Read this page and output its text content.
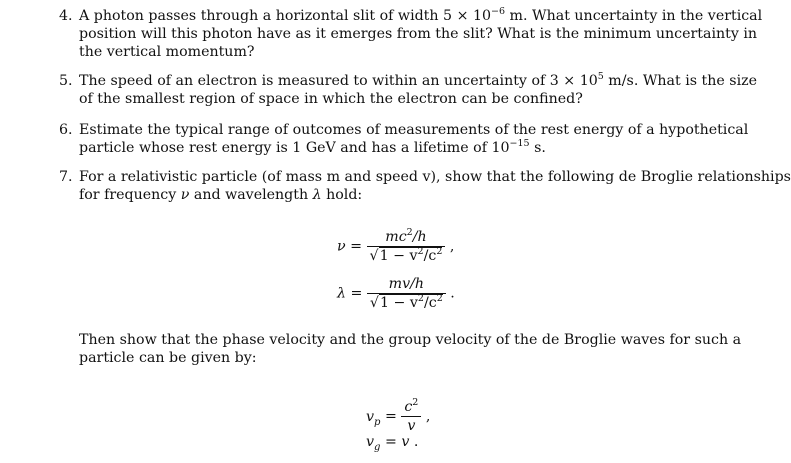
4. A photon passes through a horizontal slit of width $5 \times 10^{-6}$ m. What uncertainty in the vertical
position will this photon have as it emerges from the slit? What is the minimum uncertainty in
the vertical momentum?
5. The speed of an electron is measured to within an uncertainty of $3 \times 10^5$ m/s. What is the size
of the smallest region of space in which the electron can be confined?
6. Estimate the typical range of outcomes of measurements of the rest energy of a hypothetical
particle whose rest energy is 1 GeV and has a lifetime of $10^{-15}$ s.
7. For a relativistic particle (of mass m and speed v), show that the following de Broglie relationships
for frequency ν and wavelength λ hold:
$\nu = \frac{mc^2/h}{√1 - v^2/c^2}$ ,
$\lambda = \frac{mv/h}{√1 - v^2/c^2}$ .
Then show that the phase velocity and the group velocity of the de Broglie waves for such a
particle can be given by:
$v_p = \frac{c^2}{v}$ ,
$v_g = v$ .
